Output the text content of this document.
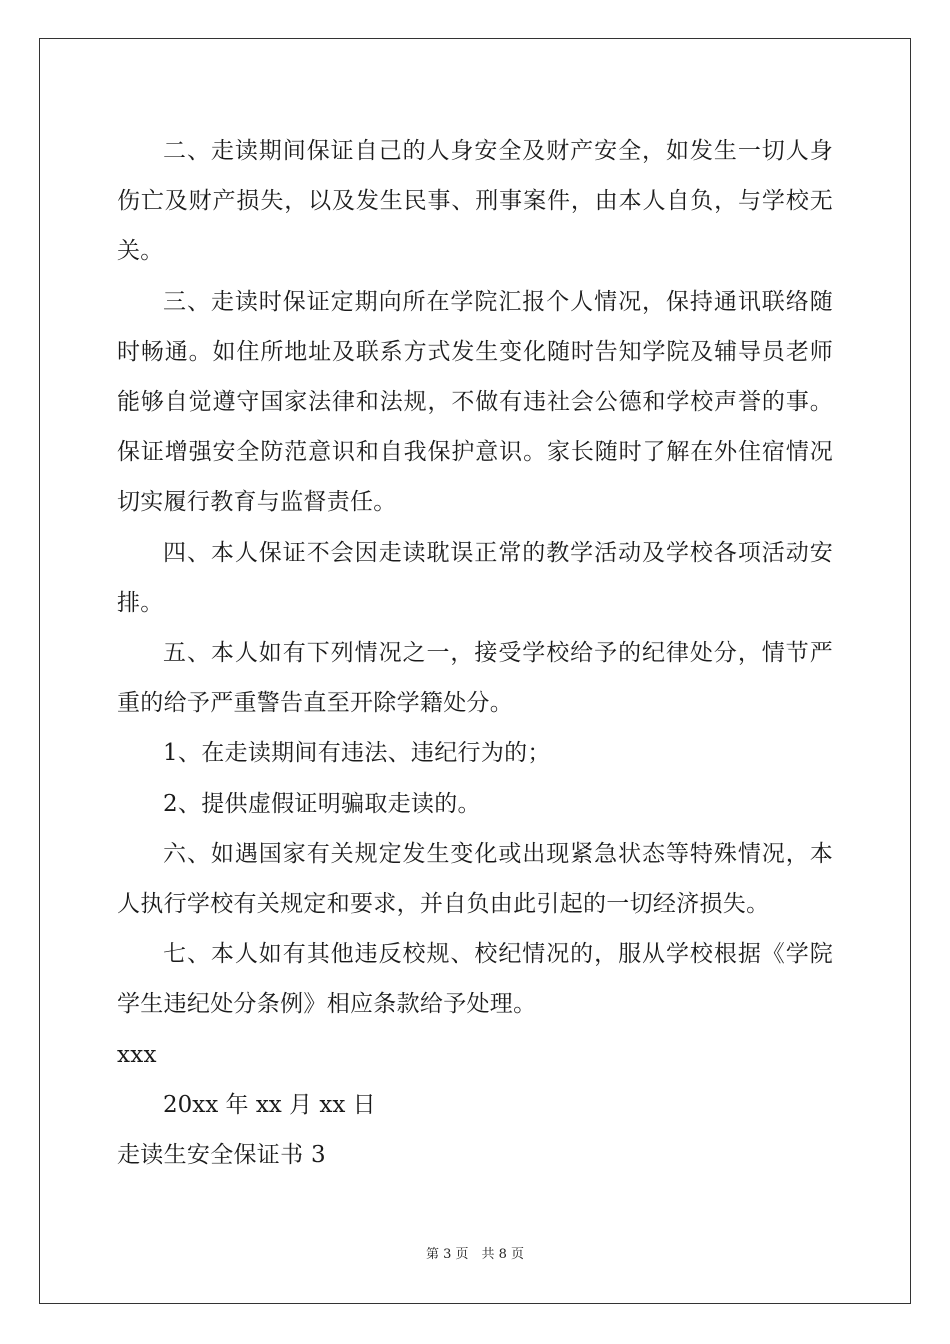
二、走读期间保证自己的人身安全及财产安全，如发生一切人身伤亡及财产损失，以及发生民事、刑事案件，由本人自负，与学校无关。

三、走读时保证定期向所在学院汇报个人情况，保持通讯联络随时畅通。如住所地址及联系方式发生变化随时告知学院及辅导员老师能够自觉遵守国家法律和法规，不做有违社会公德和学校声誉的事。保证增强安全防范意识和自我保护意识。家长随时了解在外住宿情况切实履行教育与监督责任。

四、本人保证不会因走读耽误正常的教学活动及学校各项活动安排。

五、本人如有下列情况之一，接受学校给予的纪律处分，情节严重的给予严重警告直至开除学籍处分。

1、在走读期间有违法、违纪行为的；

2、提供虚假证明骗取走读的。

六、如遇国家有关规定发生变化或出现紧急状态等特殊情况，本人执行学校有关规定和要求，并自负由此引起的一切经济损失。

七、本人如有其他违反校规、校纪情况的，服从学校根据《学院学生违纪处分条例》相应条款给予处理。

xxx

20xx 年 xx 月 xx 日

走读生安全保证书 3

第 3 页　共 8 页
